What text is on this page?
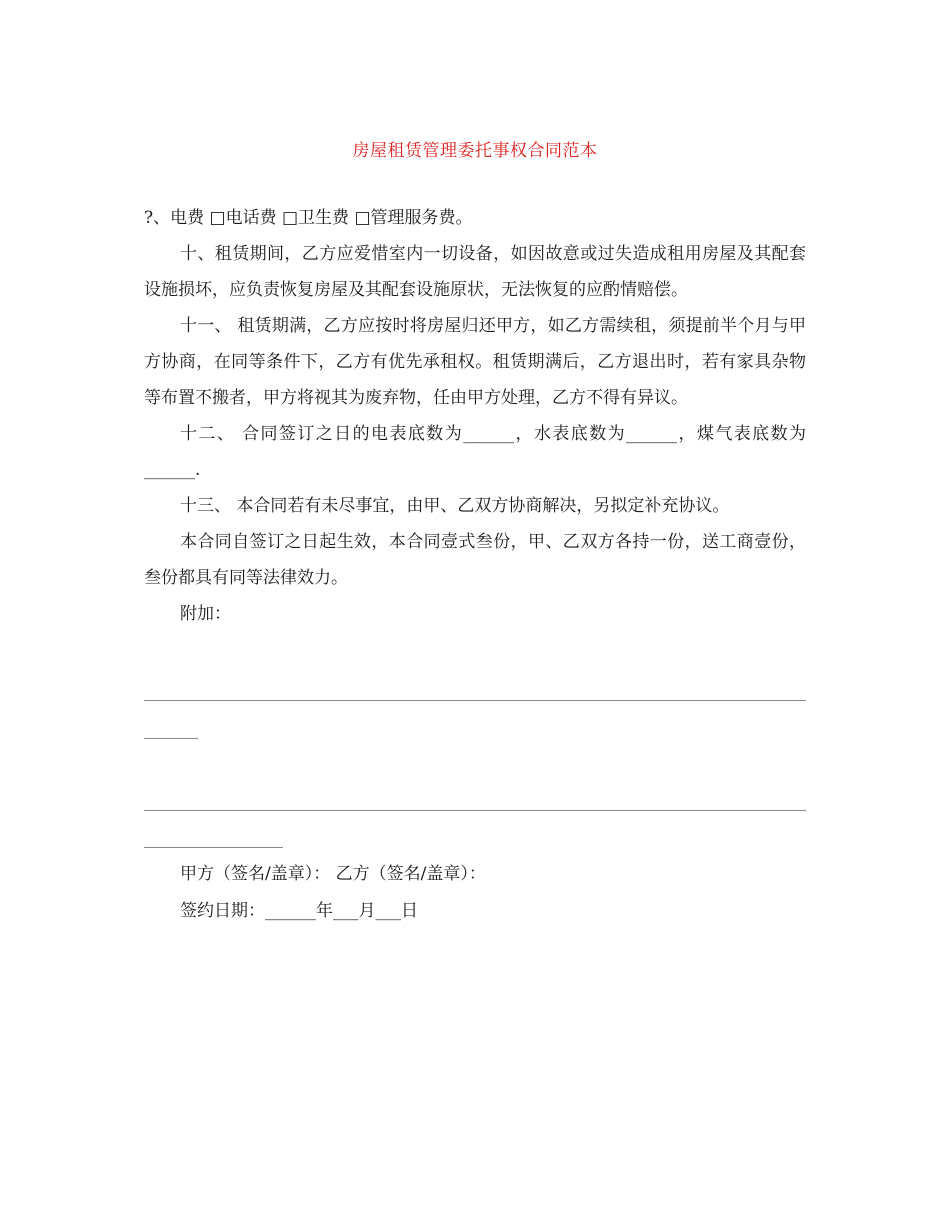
房屋租赁管理委托事权合同范本

?、电费 □电话费 □卫生费 □管理服务费。

十、租赁期间，乙方应爱惜室内一切设备，如因故意或过失造成租用房屋及其配套设施损坏，应负责恢复房屋及其配套设施原状，无法恢复的应酌情赔偿。

十一、 租赁期满，乙方应按时将房屋归还甲方，如乙方需续租，须提前半个月与甲方协商，在同等条件下，乙方有优先承租权。租赁期满后，乙方退出时，若有家具杂物等布置不搬者，甲方将视其为废弃物，任由甲方处理，乙方不得有异议。

十二、 合同签订之日的电表底数为______，水表底数为______，煤气表底数为______.

十三、 本合同若有未尽事宜，由甲、乙双方协商解决，另拟定补充协议。

本合同自签订之日起生效，本合同壹式叁份，甲、乙双方各持一份，送工商壹份，叁份都具有同等法律效力。

附加：

甲方（签名/盖章）： 乙方（签名/盖章）：
签约日期：______年___月___日
